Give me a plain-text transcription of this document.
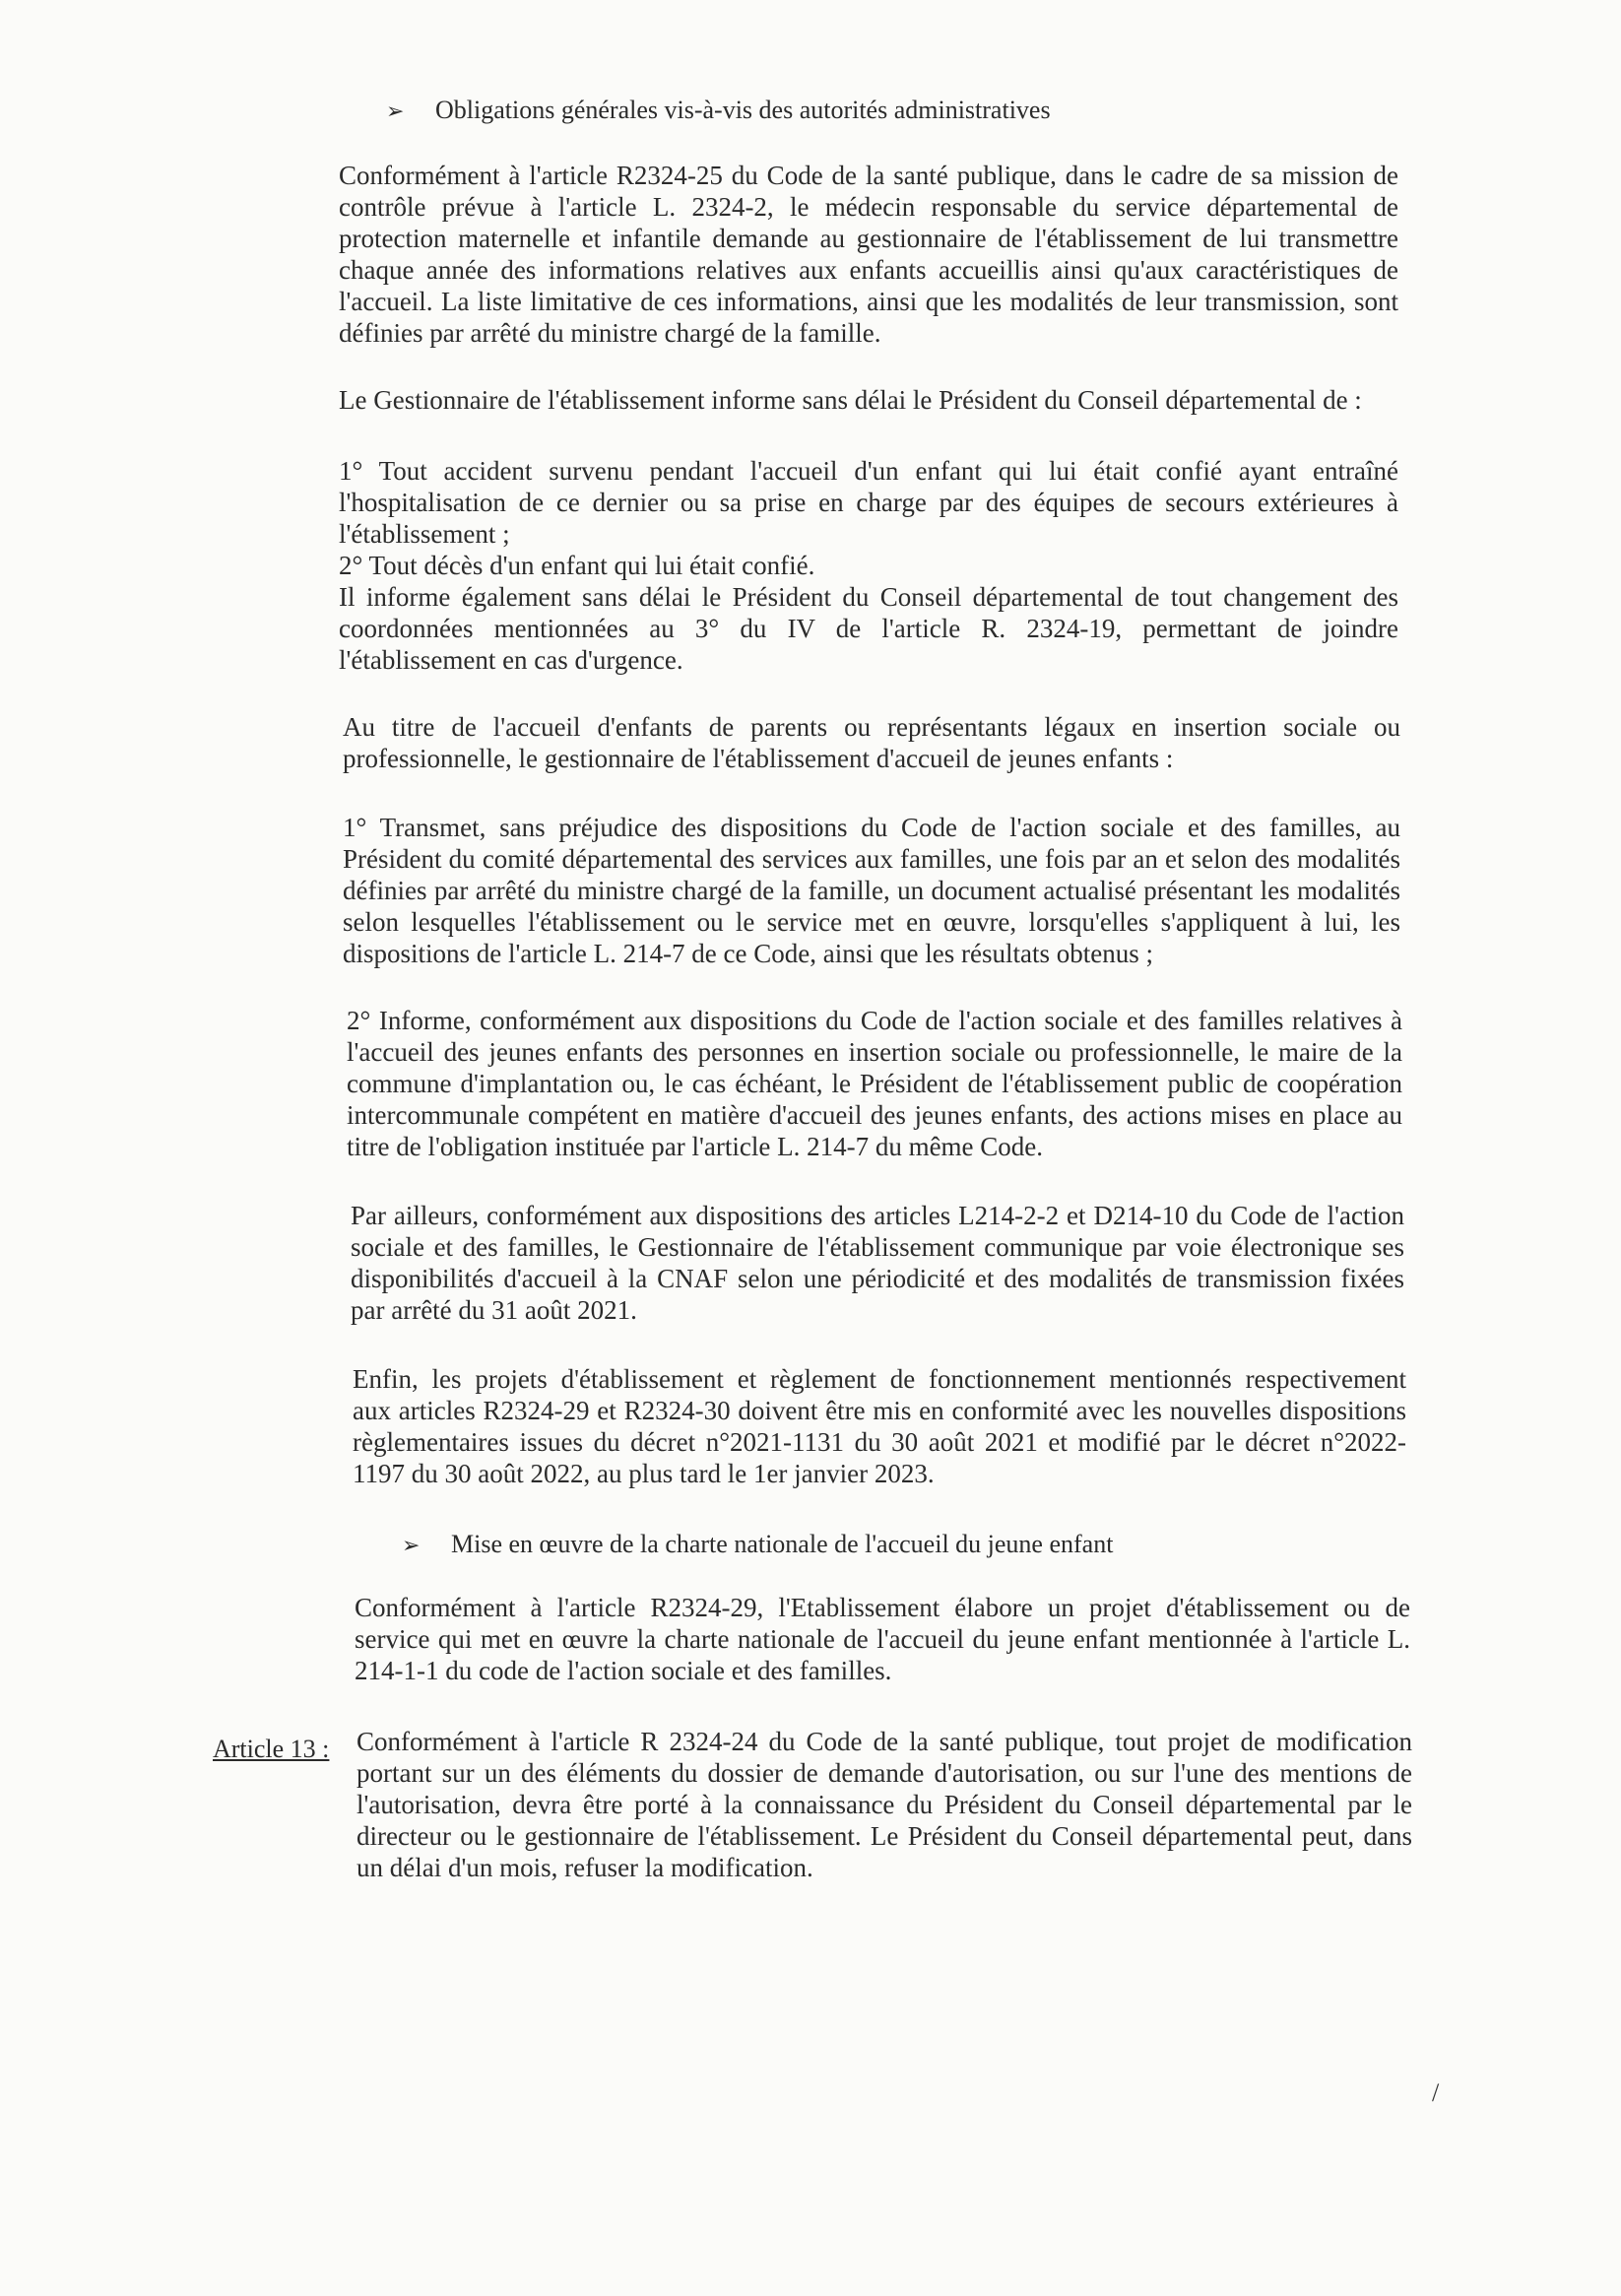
➢ Obligations générales vis-à-vis des autorités administratives
Conformément à l'article R2324-25 du Code de la santé publique, dans le cadre de sa mission de
contrôle prévue à l'article L. 2324-2, le médecin responsable du service départemental de
protection maternelle et infantile demande au gestionnaire de l'établissement de lui transmettre
chaque année des informations relatives aux enfants accueillis ainsi qu'aux caractéristiques de
l'accueil. La liste limitative de ces informations, ainsi que les modalités de leur transmission, sont
définies par arrêté du ministre chargé de la famille.
Le Gestionnaire de l'établissement informe sans délai le Président du Conseil départemental de :
1° Tout accident survenu pendant l'accueil d'un enfant qui lui était confié ayant entraîné
l'hospitalisation de ce dernier ou sa prise en charge par des équipes de secours extérieures à
l'établissement ;
2° Tout décès d'un enfant qui lui était confié.
Il informe également sans délai le Président du Conseil départemental de tout changement des
coordonnées mentionnées au 3° du IV de l'article R. 2324-19, permettant de joindre
l'établissement en cas d'urgence.
Au titre de l'accueil d'enfants de parents ou représentants légaux en insertion sociale ou
professionnelle, le gestionnaire de l'établissement d'accueil de jeunes enfants :
1° Transmet, sans préjudice des dispositions du Code de l'action sociale et des familles, au
Président du comité départemental des services aux familles, une fois par an et selon des modalités
définies par arrêté du ministre chargé de la famille, un document actualisé présentant les modalités
selon lesquelles l'établissement ou le service met en œuvre, lorsqu'elles s'appliquent à lui, les
dispositions de l'article L. 214-7 de ce Code, ainsi que les résultats obtenus ;
2° Informe, conformément aux dispositions du Code de l'action sociale et des familles relatives à
l'accueil des jeunes enfants des personnes en insertion sociale ou professionnelle, le maire de la
commune d'implantation ou, le cas échéant, le Président de l'établissement public de coopération
intercommunale compétent en matière d'accueil des jeunes enfants, des actions mises en place au
titre de l'obligation instituée par l'article L. 214-7 du même Code.
Par ailleurs, conformément aux dispositions des articles L214-2-2 et D214-10 du Code de l'action
sociale et des familles, le Gestionnaire de l'établissement communique par voie électronique ses
disponibilités d'accueil à la CNAF selon une périodicité et des modalités de transmission fixées
par arrêté du 31 août 2021.
Enfin, les projets d'établissement et règlement de fonctionnement mentionnés respectivement
aux articles R2324-29 et R2324-30 doivent être mis en conformité avec les nouvelles dispositions
règlementaires issues du décret n°2021-1131 du 30 août 2021 et modifié par le décret n°2022-
1197 du 30 août 2022, au plus tard le 1er janvier 2023.
➢ Mise en œuvre de la charte nationale de l'accueil du jeune enfant
Conformément à l'article R2324-29, l'Etablissement élabore un projet d'établissement ou de
service qui met en œuvre la charte nationale de l'accueil du jeune enfant mentionnée à l'article L.
214-1-1 du code de l'action sociale et des familles.
Article 13 : Conformément à l'article R 2324-24 du Code de la santé publique, tout projet de modification
portant sur un des éléments du dossier de demande d'autorisation, ou sur l'une des mentions de
l'autorisation, devra être porté à la connaissance du Président du Conseil départemental par le
directeur ou le gestionnaire de l'établissement. Le Président du Conseil départemental peut, dans
un délai d'un mois, refuser la modification.
/
